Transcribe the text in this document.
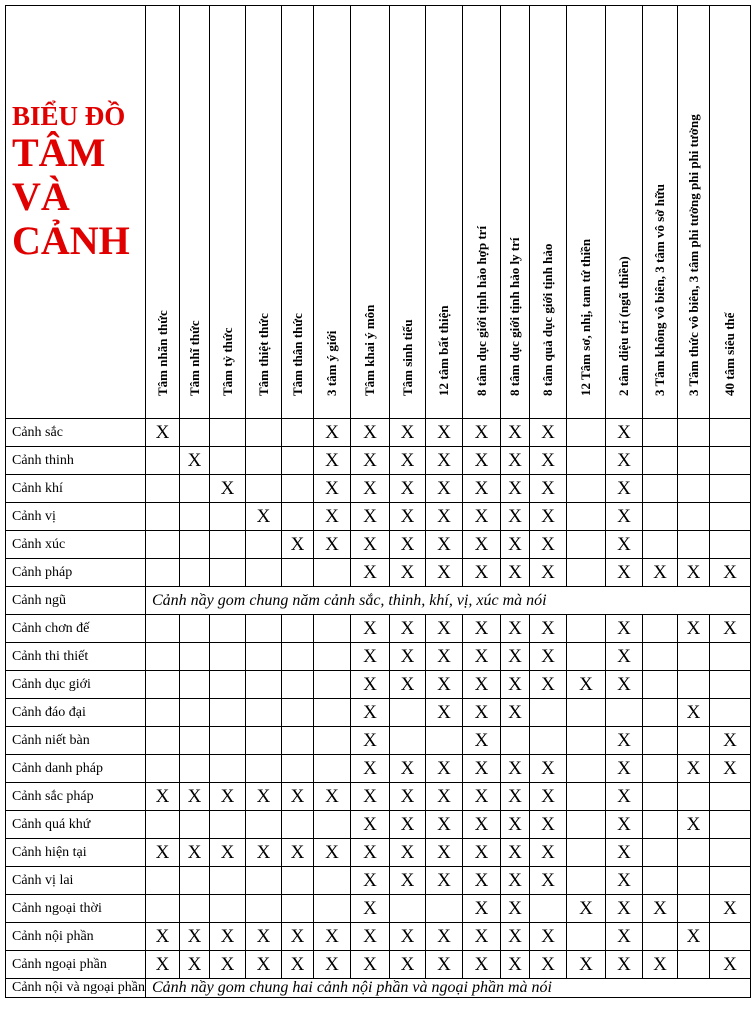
BIỂU ĐỒ
TÂM
VÀ
CẢNH	Tâm nhãn thức	Tâm nhĩ thức	Tâm tỷ thức	Tâm thiệt thức	Tâm thân thức	3 tâm ý giới	Tâm khai ý môn	Tâm sinh tiếu	12 tâm bất thiện	8 tâm dục giới tịnh hảo hợp trí	8 tâm dục giới tịnh hảo ly trí	8 tâm quả dục giới tịnh hảo	12 Tâm sơ, nhị, tam tứ thiền	2 tâm diệu trí (ngũ thiền)	3 Tâm không vô biên, 3 tâm vô sở hữu	3 Tâm thức vô biên, 3 tâm phi tưởng phi phi tưởng	40 tâm siêu thế

Cảnh sắc	X					X	X	X	X	X	X	X		X			
Cảnh thinh		X				X	X	X	X	X	X	X		X			
Cảnh khí			X			X	X	X	X	X	X	X		X			
Cảnh vị				X		X	X	X	X	X	X	X		X			
Cảnh xúc					X	X	X	X	X	X	X	X		X			
Cảnh pháp							X	X	X	X	X	X		X	X	X	X
Cảnh ngũ	Cảnh nầy gom chung năm cảnh sắc, thinh, khí, vị, xúc mà nói																
Cảnh chơn đế							X	X	X	X	X	X		X		X	X
Cảnh thi thiết							X	X	X	X	X	X		X			
Cảnh dục giới							X	X	X	X	X	X	X	X			
Cảnh đáo đại							X		X	X	X					X	
Cảnh niết bàn							X			X				X			X
Cảnh danh pháp							X	X	X	X	X	X		X		X	X
Cảnh sắc pháp	X	X	X	X	X	X	X	X	X	X	X	X		X			
Cảnh quá khứ							X	X	X	X	X	X		X		X	
Cảnh hiện tại	X	X	X	X	X	X	X	X	X	X	X	X		X			
Cảnh vị lai							X	X	X	X	X	X		X			
Cảnh ngoại thời							X			X	X		X	X	X		X
Cảnh nội phần	X	X	X	X	X	X	X	X	X	X	X	X		X		X	
Cảnh ngoại phần	X	X	X	X	X	X	X	X	X	X	X	X	X	X	X		X
Cảnh nội và ngoại phần	Cảnh nầy gom chung hai cảnh nội phần và ngoại phần mà nói																
